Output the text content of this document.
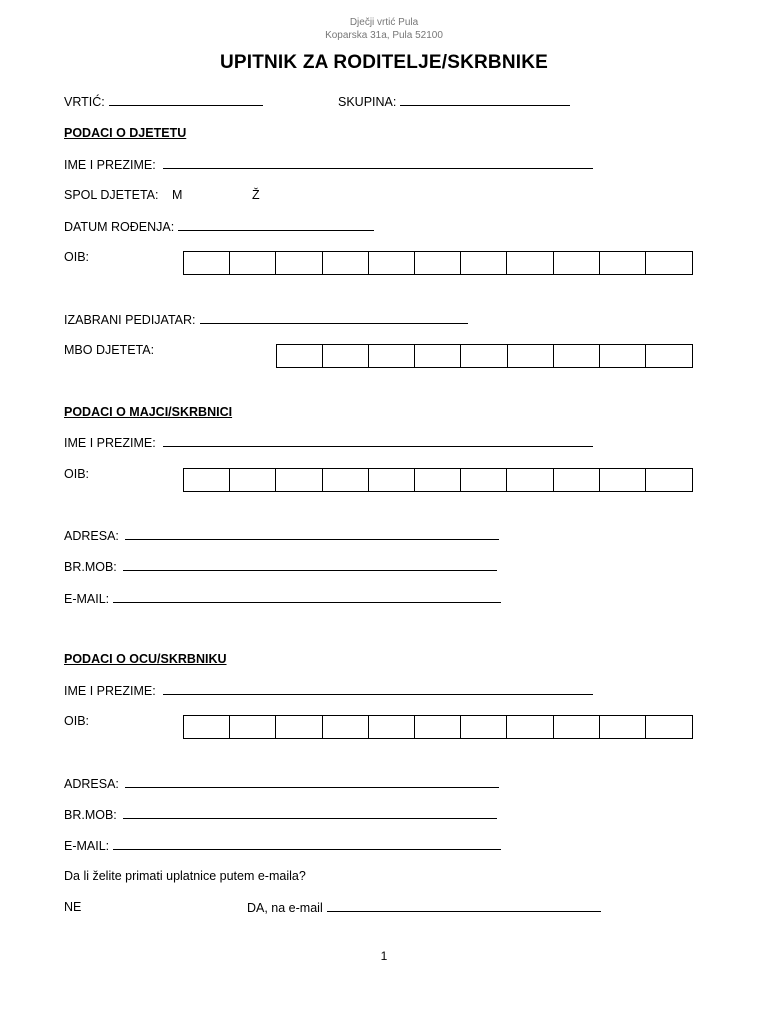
Dječji vrtić Pula
Koparska 31a, Pula 52100
UPITNIK ZA RODITELJE/SKRBNIKE
VRTIĆ:	SKUPINA:
PODACI O DJETETU
IME I PREZIME:
SPOL DJETETA: M	Ž
DATUM ROĐENJA:
OIB:
IZABRANI PEDIJATAR:
MBO DJETETA:
PODACI O MAJCI/SKRBNICI
IME I PREZIME:
OIB:
ADRESA:
BR.MOB:
E-MAIL:
PODACI O OCU/SKRBNIKU
IME I PREZIME:
OIB:
ADRESA:
BR.MOB:
E-MAIL:
Da li želite primati uplatnice putem e-maila?
NE	DA, na e-mail
1
